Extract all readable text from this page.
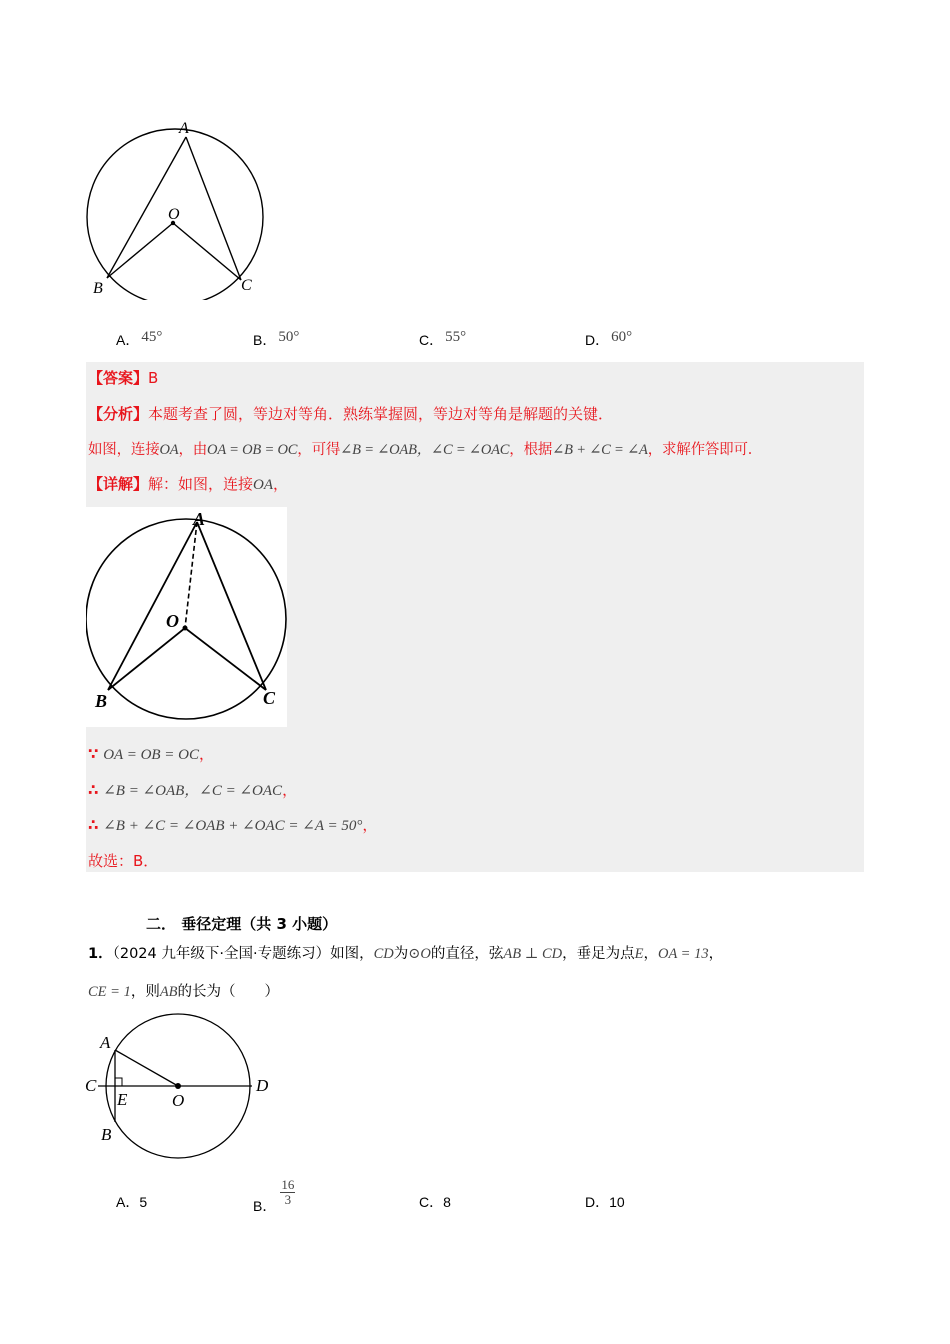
A
O
B	C
A． 45°	B． 50°	C． 55°	D． 60°
【答案】B
【分析】本题考查了圆，等边对等角．熟练掌握圆，等边对等角是解题的关键．
如图，连接OA，由OA = OB = OC，可得∠B = ∠OAB，∠C = ∠OAC，根据∠B + ∠C = ∠A，求解作答即可．
【详解】解：如图，连接OA，
A
O
B	C
∵ OA = OB = OC，
∴ ∠B = ∠OAB，∠C = ∠OAC，
∴ ∠B + ∠C = ∠OAB + ∠OAC = ∠A = 50°，
故选：B．
二． 垂径定理（共 3 小题）
1．（2024 九年级下·全国·专题练习）如图，CD为⊙O的直径，弦AB ⊥ CD，垂足为点E，OA = 13，
CE = 1，则AB的长为（　　）
A
C
E	O
D
B
A．5	B． $\frac{16}{3}$	C．8	D．10
